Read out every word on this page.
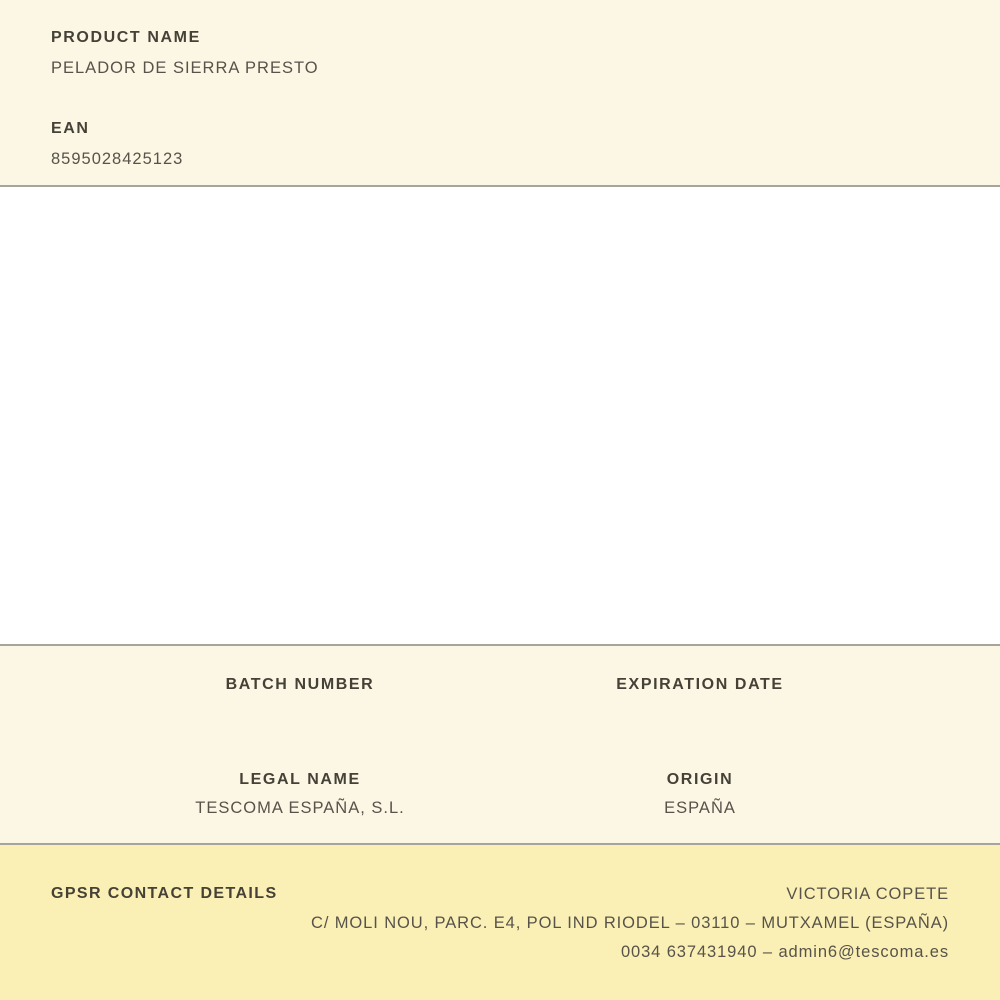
PRODUCT NAME
PELADOR DE SIERRA PRESTO
EAN
8595028425123
BATCH NUMBER	EXPIRATION DATE
LEGAL NAME
TESCOMA ESPAÑA, S.L.
ORIGIN
ESPAÑA
GPSR CONTACT DETAILS	VICTORIA COPETE
C/ MOLI NOU, PARC. E4, POL IND RIODEL – 03110 – MUTXAMEL (ESPAÑA)
0034 637431940 – admin6@tescoma.es
